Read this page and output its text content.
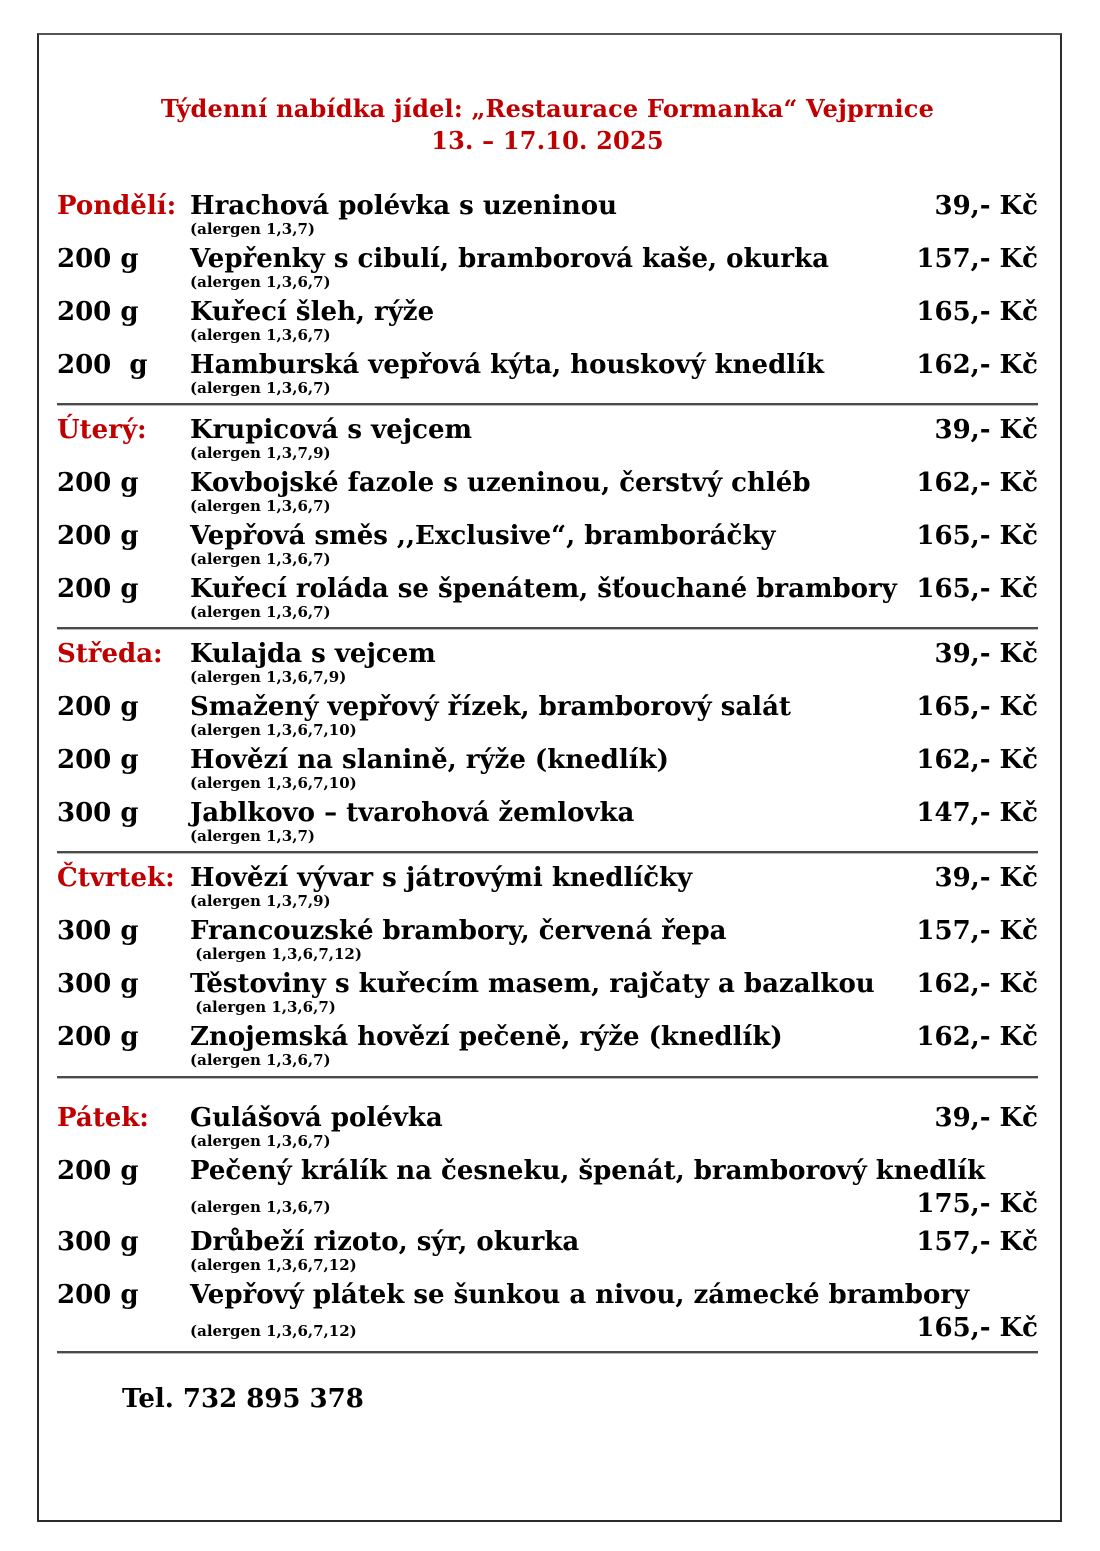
Týdenní nabídka jídel: „Restaurace Formanka“ Vejprnice
13. – 17.10. 2025
Pondělí: Hrachová polévka s uzeninou	39,- Kč
(alergen 1,3,7)
200 g	Vepřenky s cibulí, bramborová kaše, okurka	157,- Kč
(alergen 1,3,6,7)
200 g	Kuřecí šleh, rýže	165,- Kč
(alergen 1,3,6,7)
200  g	Hamburská vepřová kýta, houskový knedlík	162,- Kč
(alergen 1,3,6,7)
Úterý:	Krupicová s vejcem	39,- Kč
(alergen 1,3,7,9)
200 g	Kovbojské fazole s uzeninou, čerstvý chléb	162,- Kč
(alergen 1,3,6,7)
200 g	Vepřová směs ,,Exclusive“, bramboráčky	165,- Kč
(alergen 1,3,6,7)
200 g	Kuřecí roláda se špenátem, šťouchané brambory 165,- Kč
(alergen 1,3,6,7)
Středa:	Kulajda s vejcem	39,- Kč
(alergen 1,3,6,7,9)
200 g	Smažený vepřový řízek, bramborový salát	165,- Kč
(alergen 1,3,6,7,10)
200 g	Hovězí na slanině, rýže (knedlík)	162,- Kč
(alergen 1,3,6,7,10)
300 g	Jablkovo – tvarohová žemlovka	147,- Kč
(alergen 1,3,7)
Čtvrtek: Hovězí vývar s játrovými knedlíčky	39,- Kč
(alergen 1,3,7,9)
300 g	Francouzské brambory, červená řepa	157,- Kč
(alergen 1,3,6,7,12)
300 g	Těstoviny s kuřecím masem, rajčaty a bazalkou	162,- Kč
(alergen 1,3,6,7)
200 g	Znojemská hovězí pečeně, rýže (knedlík)	162,- Kč
(alergen 1,3,6,7)
Pátek:	Gulášová polévka	39,- Kč
(alergen 1,3,6,7)
200 g	Pečený králík na česneku, špenát, bramborový knedlík
(alergen 1,3,6,7)	175,- Kč
300 g	Drůbeží rizoto, sýr, okurka	157,- Kč
(alergen 1,3,6,7,12)
200 g	Vepřový plátek se šunkou a nivou, zámecké brambory
(alergen 1,3,6,7,12)	165,- Kč
Tel. 732 895 378
